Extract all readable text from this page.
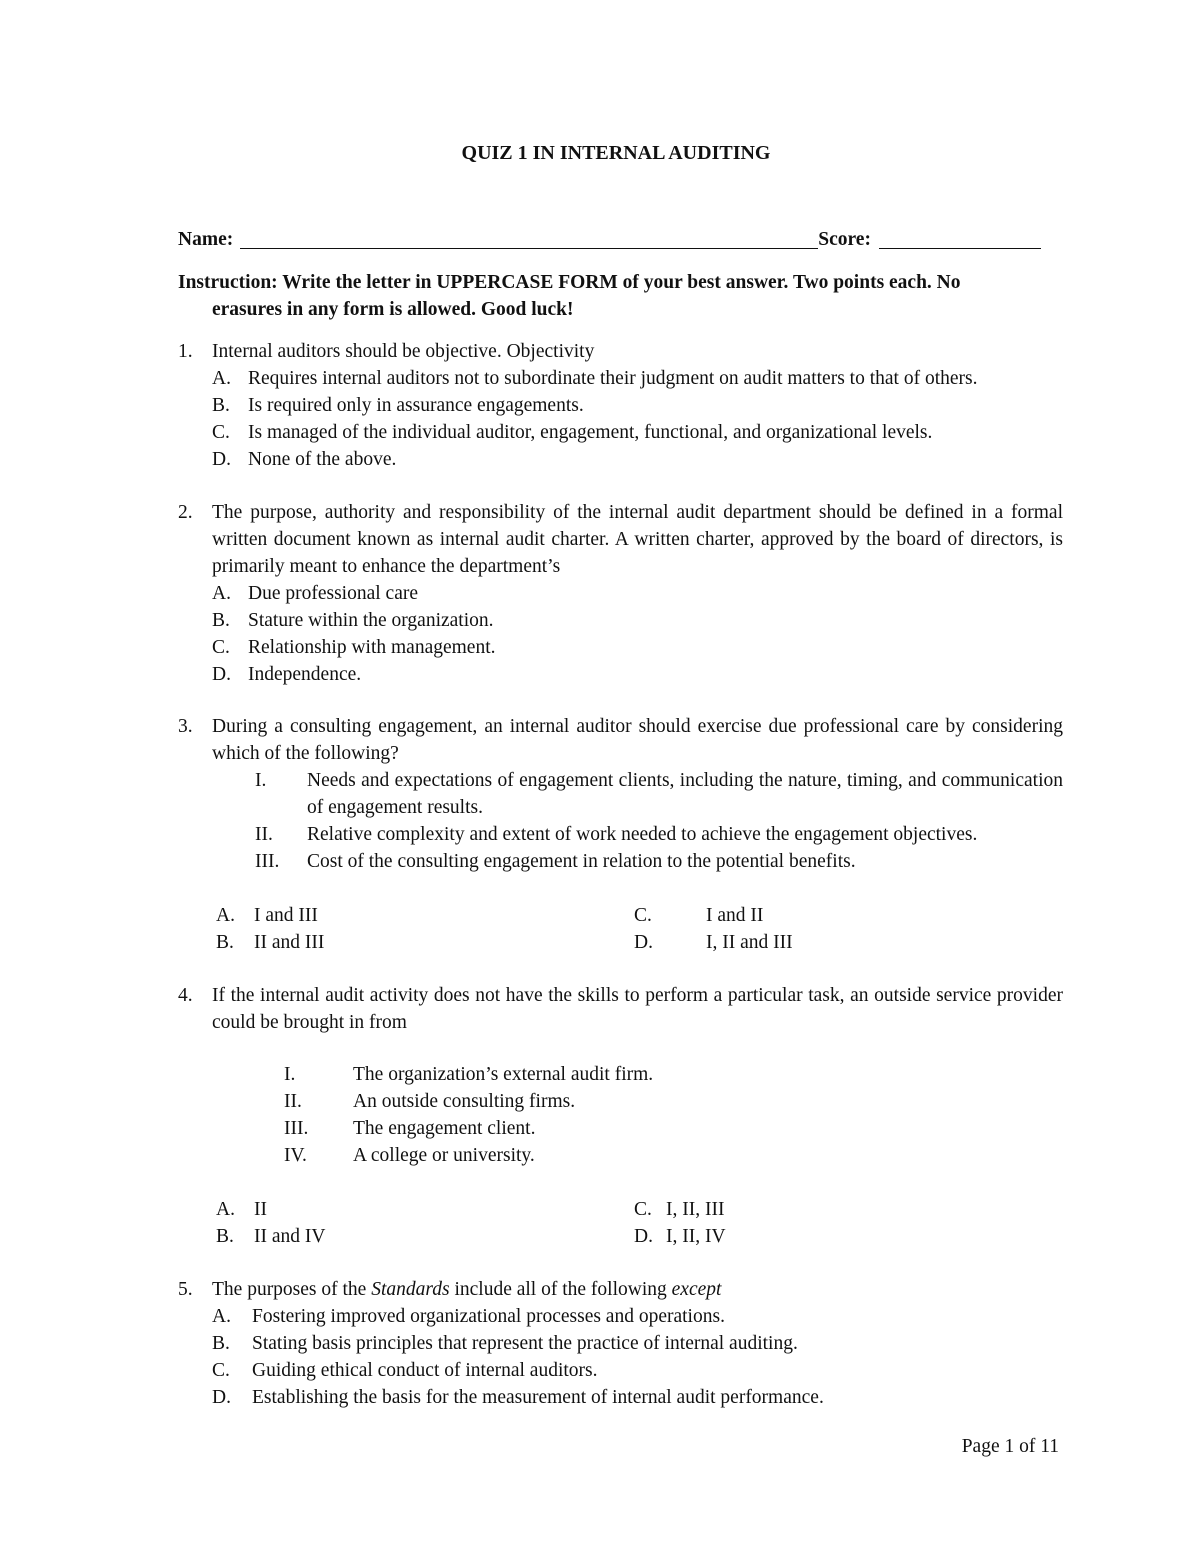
QUIZ 1 IN INTERNAL AUDITING
Name:	Score:
Instruction: Write the letter in UPPERCASE FORM of your best answer. Two points each. No
erasures in any form is allowed. Good luck!
1. Internal auditors should be objective. Objectivity
A. Requires internal auditors not to subordinate their judgment on audit matters to that of others.
B. Is required only in assurance engagements.
C. Is managed of the individual auditor, engagement, functional, and organizational levels.
D. None of the above.
2. The purpose, authority and responsibility of the internal audit department should be defined in a formal written document known as internal audit charter. A written charter, approved by the board of directors, is primarily meant to enhance the department’s
A. Due professional care
B. Stature within the organization.
C. Relationship with management.
D. Independence.
3. During a consulting engagement, an internal auditor should exercise due professional care by considering which of the following?
I.	Needs and expectations of engagement clients, including the nature, timing, and communication of engagement results.
II.	Relative complexity and extent of work needed to achieve the engagement objectives.
III.	Cost of the consulting engagement in relation to the potential benefits.
A. I and III	C.	I and II
B.	II and III	D.	I, II and III
4. If the internal audit activity does not have the skills to perform a particular task, an outside service provider could be brought in from
I.	The organization’s external audit firm.
II.	An outside consulting firms.
III.	The engagement client.
IV.	A college or university.
A. II	C. I, II, III
B.	II and IV	D. I, II, IV
5. The purposes of the Standards include all of the following except
A.	Fostering improved organizational processes and operations.
B.	Stating basis principles that represent the practice of internal auditing.
C.	Guiding ethical conduct of internal auditors.
D.	Establishing the basis for the measurement of internal audit performance.
Page 1 of 11
